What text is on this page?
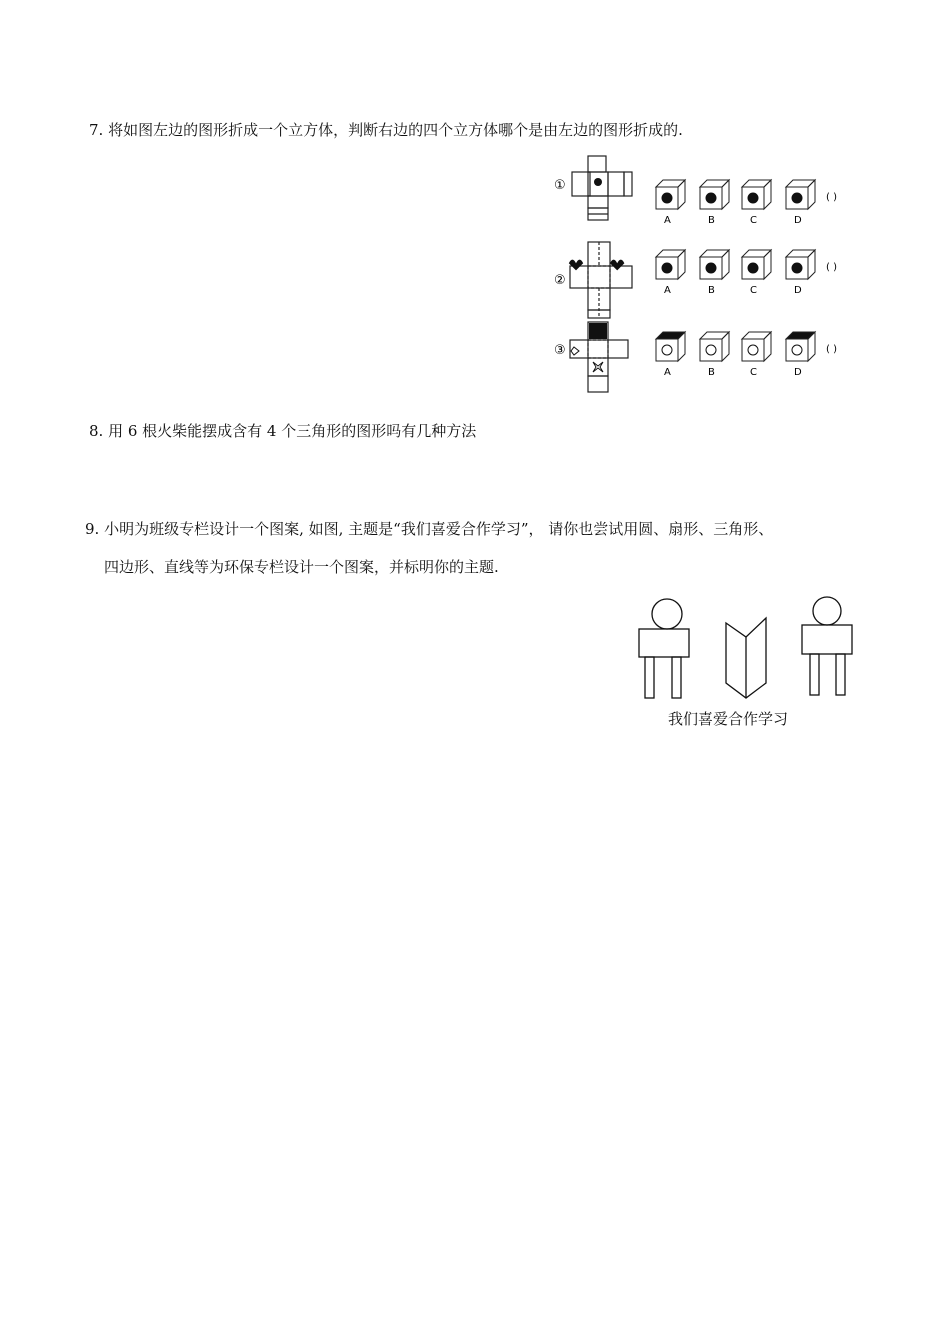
7. 将如图左边的图形折成一个立方体，判断右边的四个立方体哪个是由左边的图形折成的.
①
②
③
A	B	C	D
( )
A	B	C	D
( )
A	B	C	D
( )
8. 用 6 根火柴能摆成含有 4 个三角形的图形吗有几种方法
9. 小明为班级专栏设计一个图案, 如图, 主题是“我们喜爱合作学习”， 请你也尝试用圆、扇形、三角形、
四边形、直线等为环保专栏设计一个图案，并标明你的主题.
我们喜爱合作学习
